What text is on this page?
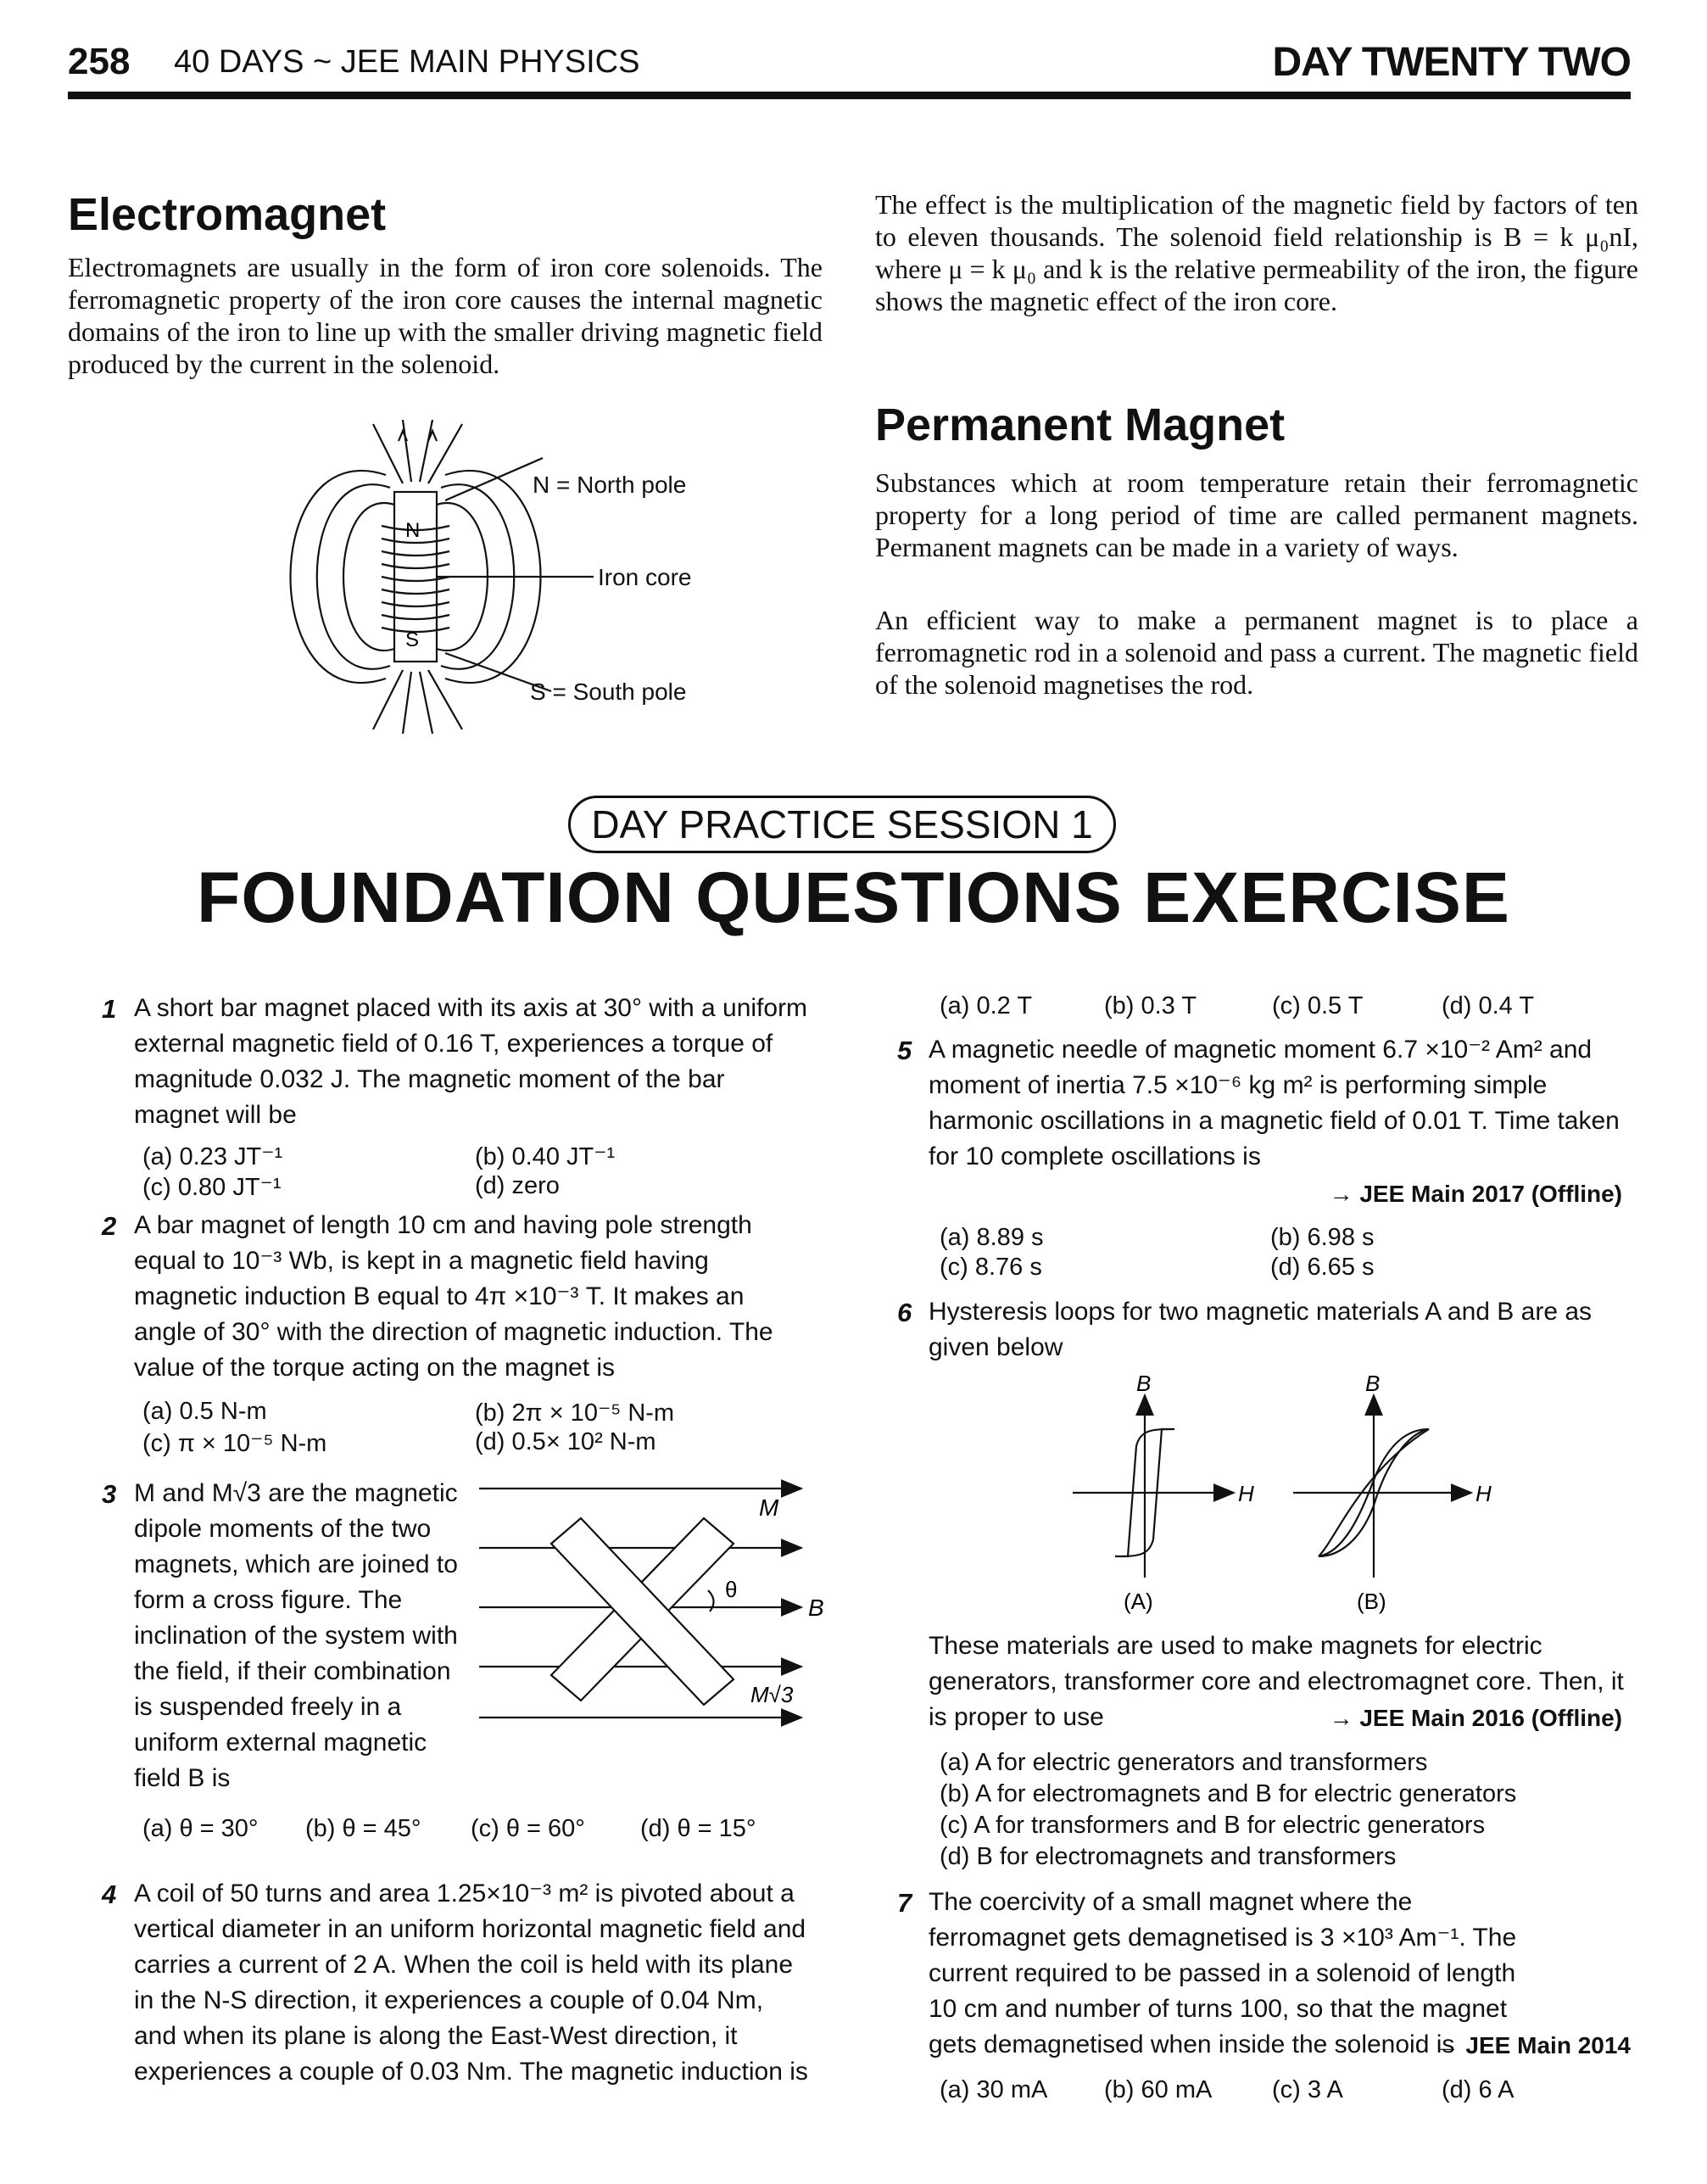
258 40 DAYS ~ JEE MAIN PHYSICS	DAY TWENTY TWO
Electromagnet

Electromagnets are usually in the form of iron core solenoids. The ferromagnetic property of the iron core causes the internal magnetic domains of the iron to line up with the smaller driving magnetic field produced by the current in the solenoid.

N
S
N = North pole
Iron core
S = South pole

The effect is the multiplication of the magnetic field by factors of ten to eleven thousands. The solenoid field relationship is B = k μ₀nI, where μ = k μ₀ and k is the relative permeability of the iron, the figure shows the magnetic effect of the iron core.

Permanent Magnet

Substances which at room temperature retain their ferromagnetic property for a long period of time are called permanent magnets. Permanent magnets can be made in a variety of ways.

An efficient way to make a permanent magnet is to place a ferromagnetic rod in a solenoid and pass a current. The magnetic field of the solenoid magnetises the rod.

DAY PRACTICE SESSION 1
FOUNDATION QUESTIONS EXERCISE
1 A short bar magnet placed with its axis at 30° with a uniform external magnetic field of 0.16 T, experiences a torque of magnitude 0.032 J. The magnetic moment of the bar magnet will be
(a) 0.23 JT⁻¹	(b) 0.40 JT⁻¹
(c) 0.80 JT⁻¹	(d) zero
2 A bar magnet of length 10 cm and having pole strength equal to 10⁻³ Wb, is kept in a magnetic field having magnetic induction B equal to 4π ×10⁻³ T. It makes an angle of 30° with the direction of magnetic induction. The value of the torque acting on the magnet is
(a) 0.5 N-m	(b) 2π × 10⁻⁵ N-m
(c) π × 10⁻⁵ N-m	(d) 0.5× 10² N-m
3 M and M√3 are the magnetic dipole moments of the two magnets, which are joined to form a cross figure. The inclination of the system with the field, if their combination is suspended freely in a uniform external magnetic field B is
(a) θ = 30° (b) θ = 45° (c) θ = 60° (d) θ = 15°
M
θ
B
M√3
4 A coil of 50 turns and area 1.25×10⁻³ m² is pivoted about a vertical diameter in an uniform horizontal magnetic field and carries a current of 2 A. When the coil is held with its plane in the N-S direction, it experiences a couple of 0.04 Nm, and when its plane is along the East-West direction, it experiences a couple of 0.03 Nm. The magnetic induction is
(a) 0.2 T	(b) 0.3 T	(c) 0.5 T	(d) 0.4 T
5 A magnetic needle of magnetic moment 6.7 ×10⁻² Am² and moment of inertia 7.5 ×10⁻⁶ kg m² is performing simple harmonic oscillations in a magnetic field of 0.01 T. Time taken for 10 complete oscillations is
→ JEE Main 2017 (Offline)
(a) 8.89 s	(b) 6.98 s
(c) 8.76 s	(d) 6.65 s
6 Hysteresis loops for two magnetic materials A and B are as given below
B
H
B
H
(A)	(B)
These materials are used to make magnets for electric generators, transformer core and electromagnet core. Then, it is proper to use	→ JEE Main 2016 (Offline)
(a) A for electric generators and transformers
(b) A for electromagnets and B for electric generators
(c) A for transformers and B for electric generators
(d) B for electromagnets and transformers
7 The coercivity of a small magnet where the ferromagnet gets demagnetised is 3 ×10³ Am⁻¹. The current required to be passed in a solenoid of length 10 cm and number of turns 100, so that the magnet gets demagnetised when inside the solenoid is
→ JEE Main 2014
(a) 30 mA (b) 60 mA (c) 3 A	(d) 6 A
